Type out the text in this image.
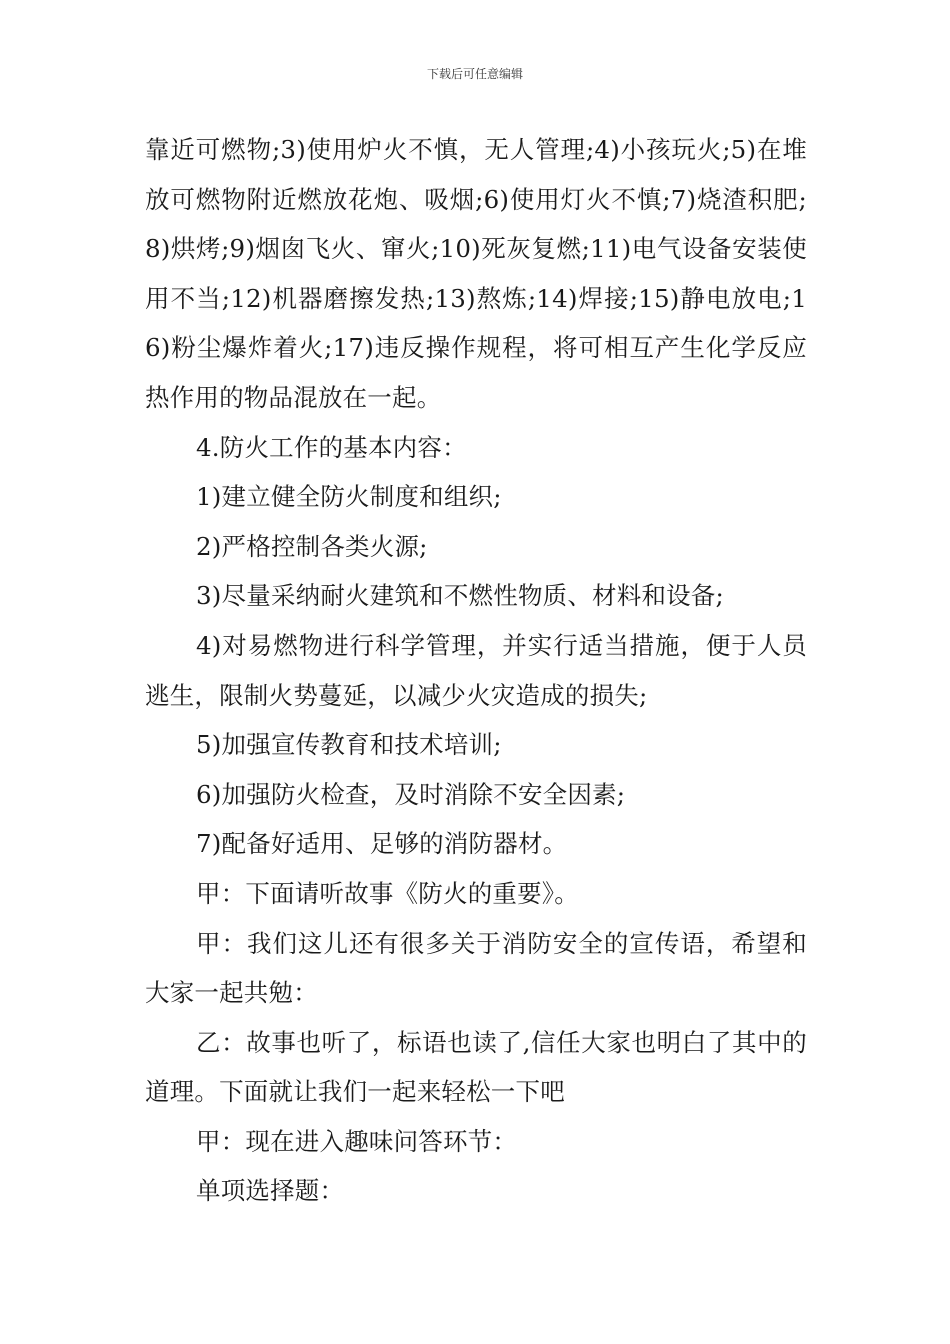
下载后可任意编辑

靠近可燃物;3)使用炉火不慎，无人管理;4)小孩玩火;5)在堆放可燃物附近燃放花炮、吸烟;6)使用灯火不慎;7)烧渣积肥;8)烘烤;9)烟囱飞火、窜火;10)死灰复燃;11)电气设备安装使用不当;12)机器磨擦发热;13)熬炼;14)焊接;15)静电放电;16)粉尘爆炸着火;17)违反操作规程，将可相互产生化学反应热作用的物品混放在一起。

4.防火工作的基本内容：

1)建立健全防火制度和组织;

2)严格控制各类火源;

3)尽量采纳耐火建筑和不燃性物质、材料和设备;

4)对易燃物进行科学管理，并实行适当措施，便于人员逃生，限制火势蔓延，以减少火灾造成的损失;

5)加强宣传教育和技术培训;

6)加强防火检查，及时消除不安全因素;

7)配备好适用、足够的消防器材。

甲：下面请听故事《防火的重要》。

甲：我们这儿还有很多关于消防安全的宣传语，希望和大家一起共勉：

乙：故事也听了，标语也读了,信任大家也明白了其中的道理。下面就让我们一起来轻松一下吧

甲：现在进入趣味问答环节：

单项选择题：
